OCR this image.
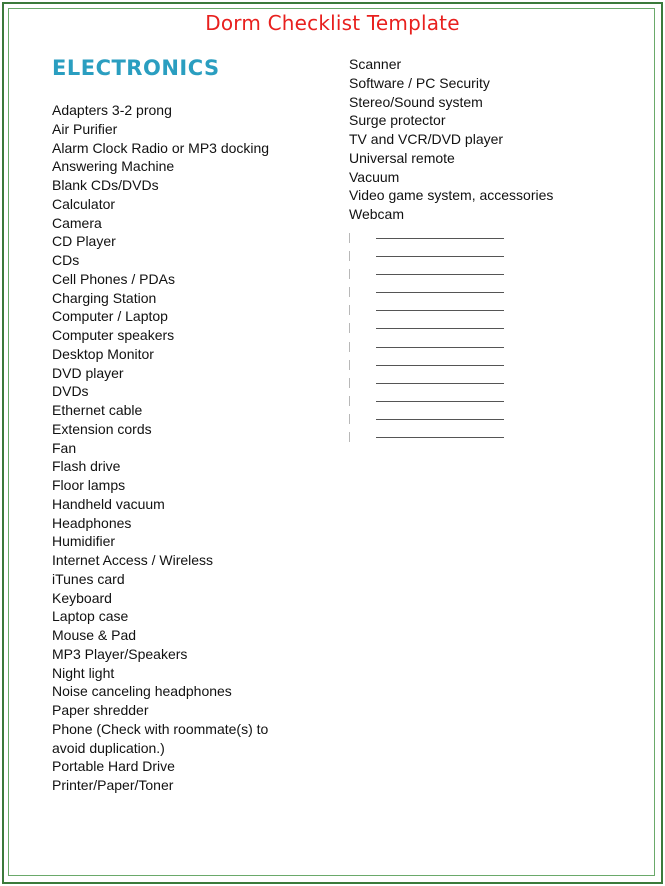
Dorm Checklist Template
ELECTRONICS
Adapters 3-2 prong
Air Purifier
Alarm Clock Radio or MP3 docking
Answering Machine
Blank CDs/DVDs
Calculator
Camera
CD Player
CDs
Cell Phones / PDAs
Charging Station
Computer / Laptop
Computer speakers
Desktop Monitor
DVD player
DVDs
Ethernet cable
Extension cords
Fan
Flash drive
Floor lamps
Handheld vacuum
Headphones
Humidifier
Internet Access / Wireless
iTunes card
Keyboard
Laptop case
Mouse & Pad
MP3 Player/Speakers
Night light
Noise canceling headphones
Paper shredder
Phone (Check with roommate(s) to
avoid duplication.)
Portable Hard Drive
Printer/Paper/Toner
Scanner
Software / PC Security
Stereo/Sound system
Surge protector
TV and VCR/DVD player
Universal remote
Vacuum
Video game system, accessories
Webcam
